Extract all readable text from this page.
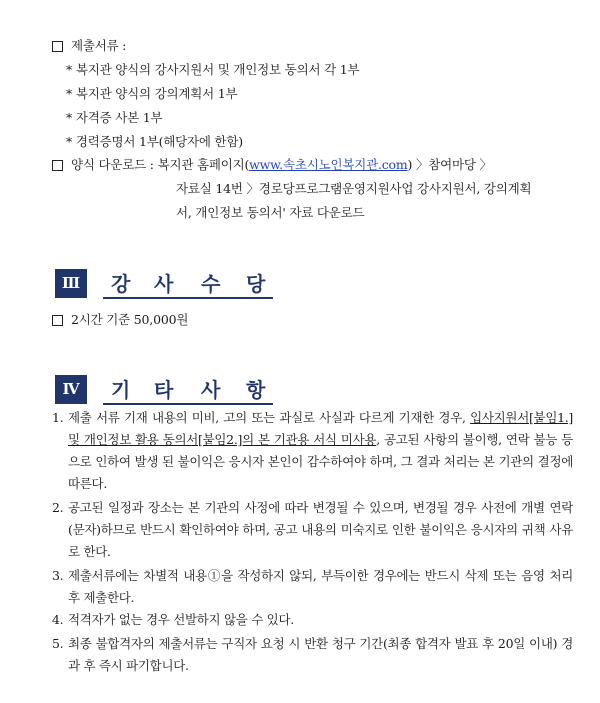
제출서류 :
* 복지관 양식의 강사지원서 및 개인정보 동의서 각 1부
* 복지관 양식의 강의계획서 1부
* 자격증 사본 1부
* 경력증명서 1부(해당자에 한함)
양식 다운로드 : 복지관 홈페이지(www.속초시노인복지관.com) 〉참여마당 〉
자료실 14번 〉경로당프로그램운영지원사업 강사지원서, 강의계획
서, 개인정보 동의서' 자료 다운로드
Ⅲ	강 사 수 당
2시간 기준 50,000원
Ⅳ	기 타 사 항
1. 제출 서류 기재 내용의 미비, 고의 또는 과실로 사실과 다르게 기재한 경우, 입사지원서[붙임1.] 및 개인정보 활용 동의서[붙임2.]의 본 기관용 서식 미사용, 공고된 사항의 불이행, 연락 불능 등으로 인하여 발생 된 불이익은 응시자 본인이 감수하여야 하며, 그 결과 처리는 본 기관의 결정에 따른다.
2. 공고된 일정과 장소는 본 기관의 사정에 따라 변경될 수 있으며, 변경될 경우 사전에 개별 연락(문자)하므로 반드시 확인하여야 하며, 공고 내용의 미숙지로 인한 불이익은 응시자의 귀책 사유로 한다.
3. 제출서류에는 차별적 내용①을 작성하지 않되, 부득이한 경우에는 반드시 삭제 또는 음영 처리 후 제출한다.
4. 적격자가 없는 경우 선발하지 않을 수 있다.
5. 최종 불합격자의 제출서류는 구직자 요청 시 반환 청구 기간(최종 합격자 발표 후 20일 이내) 경과 후 즉시 파기합니다.
